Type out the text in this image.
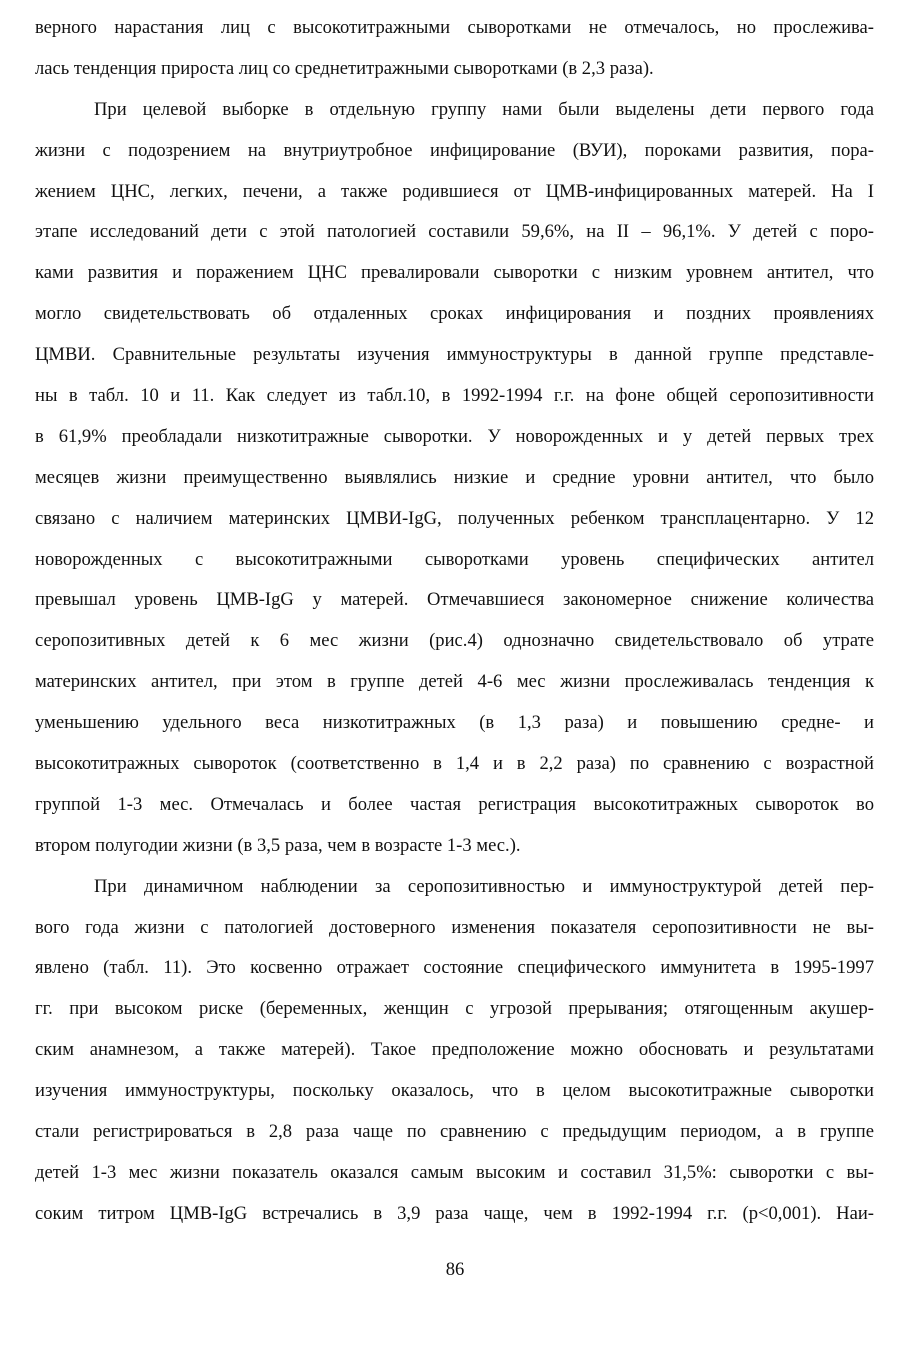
верного нарастания лиц с высокотитражными сыворотками не отмечалось, но прослежива-
лась тенденция прироста лиц со среднетитражными сыворотками (в 2,3 раза).
При целевой выборке в отдельную группу нами были выделены дети первого года
жизни с подозрением на внутриутробное инфицирование (ВУИ), пороками развития, пора-
жением ЦНС, легких, печени, а также родившиеся от ЦМВ-инфицированных матерей. На I
этапе исследований дети с этой патологией составили 59,6%, на II – 96,1%. У детей с поро-
ками развития и поражением ЦНС превалировали сыворотки с низким уровнем антител, что
могло свидетельствовать об отдаленных сроках инфицирования и поздних проявлениях
ЦМВИ. Сравнительные результаты изучения иммуноструктуры в данной группе представле-
ны в табл. 10 и 11. Как следует из табл.10, в 1992-1994 г.г. на фоне общей серопозитивности
в 61,9% преобладали низкотитражные сыворотки. У новорожденных и у детей первых трех
месяцев жизни преимущественно выявлялись низкие и средние уровни антител, что было
связано с наличием материнских ЦМВИ-IgG, полученных ребенком трансплацентарно. У 12
новорожденных с высокотитражными сыворотками уровень специфических антител
превышал уровень ЦМВ-IgG у матерей. Отмечавшиеся закономерное снижение количества
серопозитивных детей к 6 мес жизни (рис.4) однозначно свидетельствовало об утрате
материнских антител, при этом в группе детей 4-6 мес жизни прослеживалась тенденция к
уменьшению удельного веса низкотитражных (в 1,3 раза) и повышению средне- и
высокотитражных сывороток (соответственно в 1,4 и в 2,2 раза) по сравнению с возрастной
группой 1-3 мес. Отмечалась и более частая регистрация высокотитражных сывороток во
втором полугодии жизни (в 3,5 раза, чем в возрасте 1-3 мес.).
При динамичном наблюдении за серопозитивностью и иммуноструктурой детей пер-
вого года жизни с патологией достоверного изменения показателя серопозитивности не вы-
явлено (табл. 11). Это косвенно отражает состояние специфического иммунитета в 1995-1997
гг. при высоком риске (беременных, женщин с угрозой прерывания; отягощенным акушер-
ским анамнезом, а также матерей). Такое предположение можно обосновать и результатами
изучения иммуноструктуры, поскольку оказалось, что в целом высокотитражные сыворотки
стали регистрироваться в 2,8 раза чаще по сравнению с предыдущим периодом, а в группе
детей 1-3 мес жизни показатель оказался самым высоким и составил 31,5%: сыворотки с вы-
соким титром ЦМВ-IgG встречались в 3,9 раза чаще, чем в 1992-1994 г.г. (p<0,001). Наи-
86
